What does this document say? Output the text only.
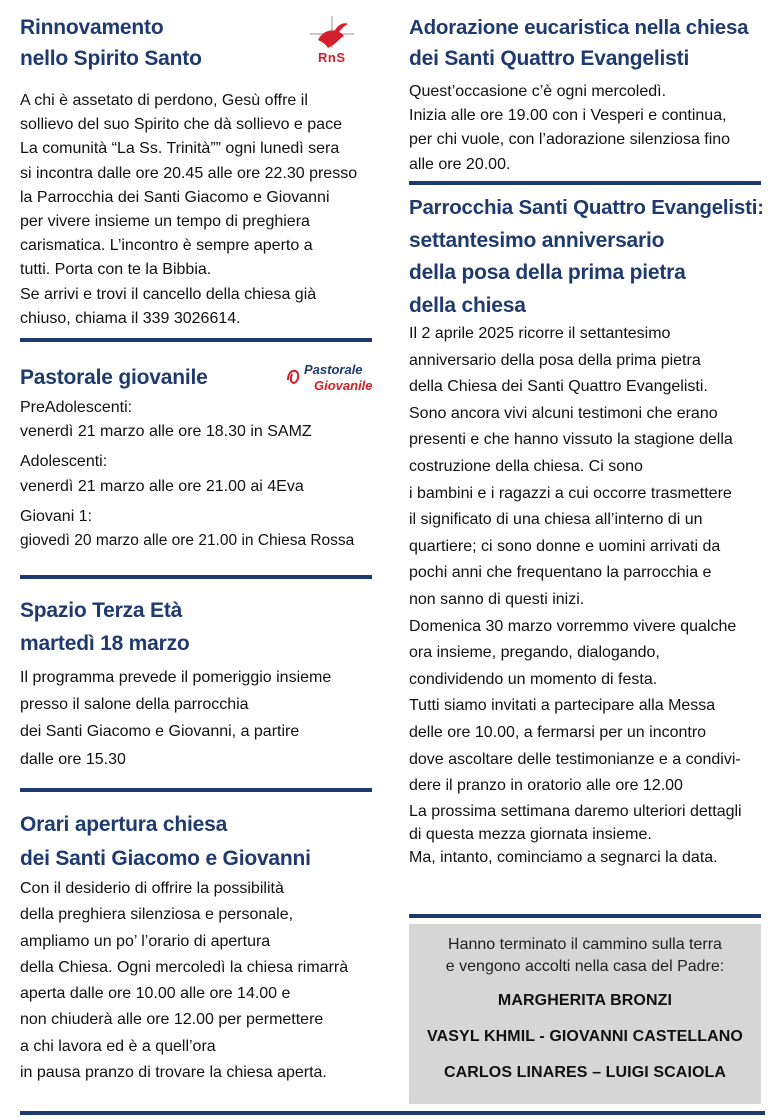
Rinnovamento
nello Spirito Santo
A chi è assetato di perdono, Gesù offre il
sollievo del suo Spirito che dà sollievo e pace
La comunità “La Ss. Trinità”” ogni lunedì sera
si incontra dalle ore 20.45 alle ore 22.30 presso
la Parrocchia dei Santi Giacomo e Giovanni
per vivere insieme un tempo di preghiera
carismatica. L’incontro è sempre aperto a
tutti. Porta con te la Bibbia.
Se arrivi e trovi il cancello della chiesa già
chiuso, chiama il 339 3026614.
RnS
Pastorale giovanile
PreAdolescenti:
venerdì 21 marzo alle ore 18.30 in SAMZ
Adolescenti:
venerdì 21 marzo alle ore 21.00 ai 4Eva
Giovani 1:
giovedì 20 marzo alle ore 21.00 in Chiesa Rossa
Pastorale
Giovanile
Spazio Terza Età
martedì 18 marzo
Il programma prevede il pomeriggio insieme
presso il salone della parrocchia
dei Santi Giacomo e Giovanni, a partire
dalle ore 15.30
Orari apertura chiesa
dei Santi Giacomo e Giovanni
Con il desiderio di offrire la possibilità
della preghiera silenziosa e personale,
ampliamo un po’ l’orario di apertura
della Chiesa. Ogni mercoledì la chiesa rimarrà
aperta dalle ore 10.00 alle ore 14.00 e
non chiuderà alle ore 12.00 per permettere
a chi lavora ed è a quell’ora
in pausa pranzo di trovare la chiesa aperta.
Adorazione eucaristica nella chiesa
dei Santi Quattro Evangelisti
Quest’occasione c’è ogni mercoledì.
Inizia alle ore 19.00 con i Vesperi e continua,
per chi vuole, con l’adorazione silenziosa fino
alle ore 20.00.
Parrocchia Santi Quattro Evangelisti:
settantesimo anniversario
della posa della prima pietra
della chiesa
Il 2 aprile 2025 ricorre il settantesimo
anniversario della posa della prima pietra
della Chiesa dei Santi Quattro Evangelisti.
Sono ancora vivi alcuni testimoni che erano
presenti e che hanno vissuto la stagione della
costruzione della chiesa. Ci sono
i bambini e i ragazzi a cui occorre trasmettere
il significato di una chiesa all’interno di un
quartiere; ci sono donne e uomini arrivati da
pochi anni che frequentano la parrocchia e
non sanno di questi inizi.
Domenica 30 marzo vorremmo vivere qualche
ora insieme, pregando, dialogando,
condividendo un momento di festa.
Tutti siamo invitati a partecipare alla Messa
delle ore 10.00, a fermarsi per un incontro
dove ascoltare delle testimonianze e a condivi-
dere il pranzo in oratorio alle ore 12.00
La prossima settimana daremo ulteriori dettagli
di questa mezza giornata insieme.
Ma, intanto, cominciamo a segnarci la data.
Hanno terminato il cammino sulla terra
e vengono accolti nella casa del Padre:
MARGHERITA BRONZI
VASYL KHMIL - GIOVANNI CASTELLANO
CARLOS LINARES – LUIGI SCAIOLA
